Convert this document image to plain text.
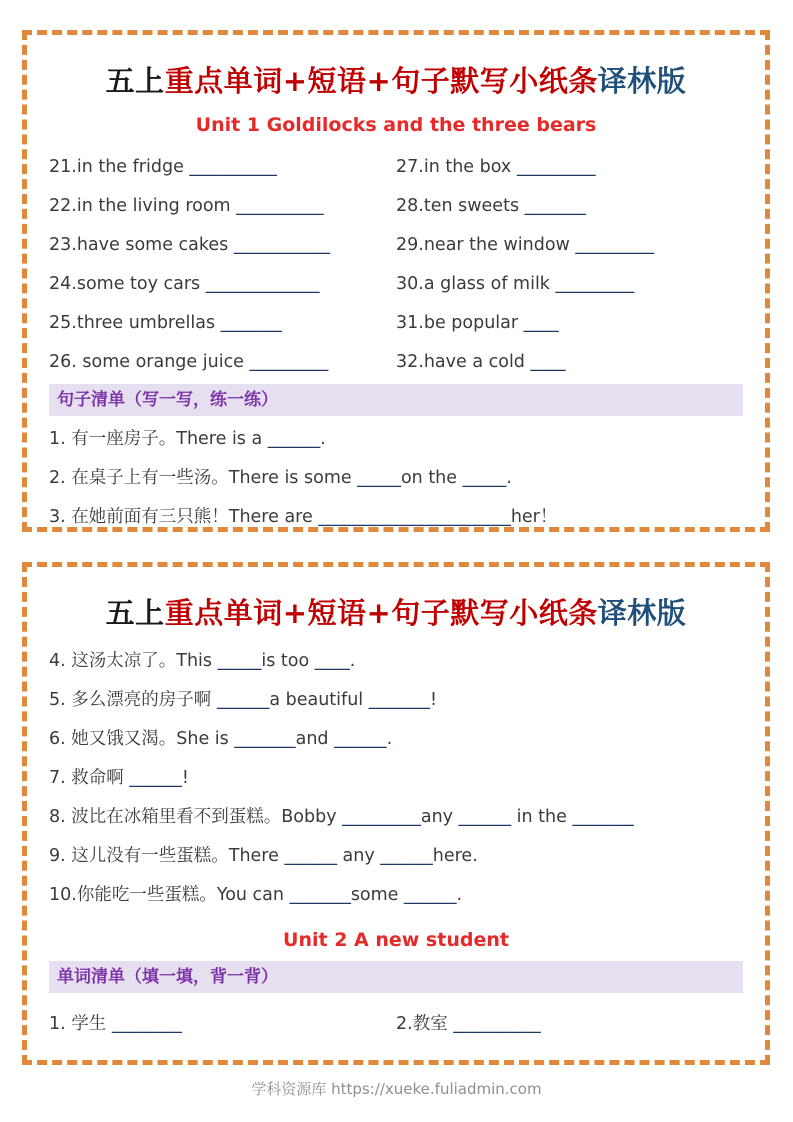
五上重点单词+短语+句子默写小纸条译林版
Unit 1 Goldilocks and the three bears
21.in the fridge __________
22.in the living room __________
23.have some cakes ___________
24.some toy cars _____________
25.three umbrellas _______
26. some orange juice _________
27.in the box _________
28.ten sweets _______
29.near the window _________
30.a glass of milk _________
31.be popular ____
32.have a cold ____
句子清单（写一写，练一练）
1. 有一座房子。There is a ______.
2. 在桌子上有一些汤。There is some _____on the _____.
3. 在她前面有三只熊！There are ______________________her！
五上重点单词+短语+句子默写小纸条译林版
4. 这汤太凉了。This _____is too ____.
5. 多么漂亮的房子啊 ______a beautiful _______!
6. 她又饿又渴。She is _______and ______.
7. 救命啊 ______!
8. 波比在冰箱里看不到蛋糕。Bobby _________any ______ in the _______
9. 这儿没有一些蛋糕。There ______ any ______here.
10.你能吃一些蛋糕。You can _______some ______.
Unit 2 A new student
单词清单（填一填，背一背）
1. 学生 ________	2.教室 __________
学科资源库 https://xueke.fuliadmin.com
